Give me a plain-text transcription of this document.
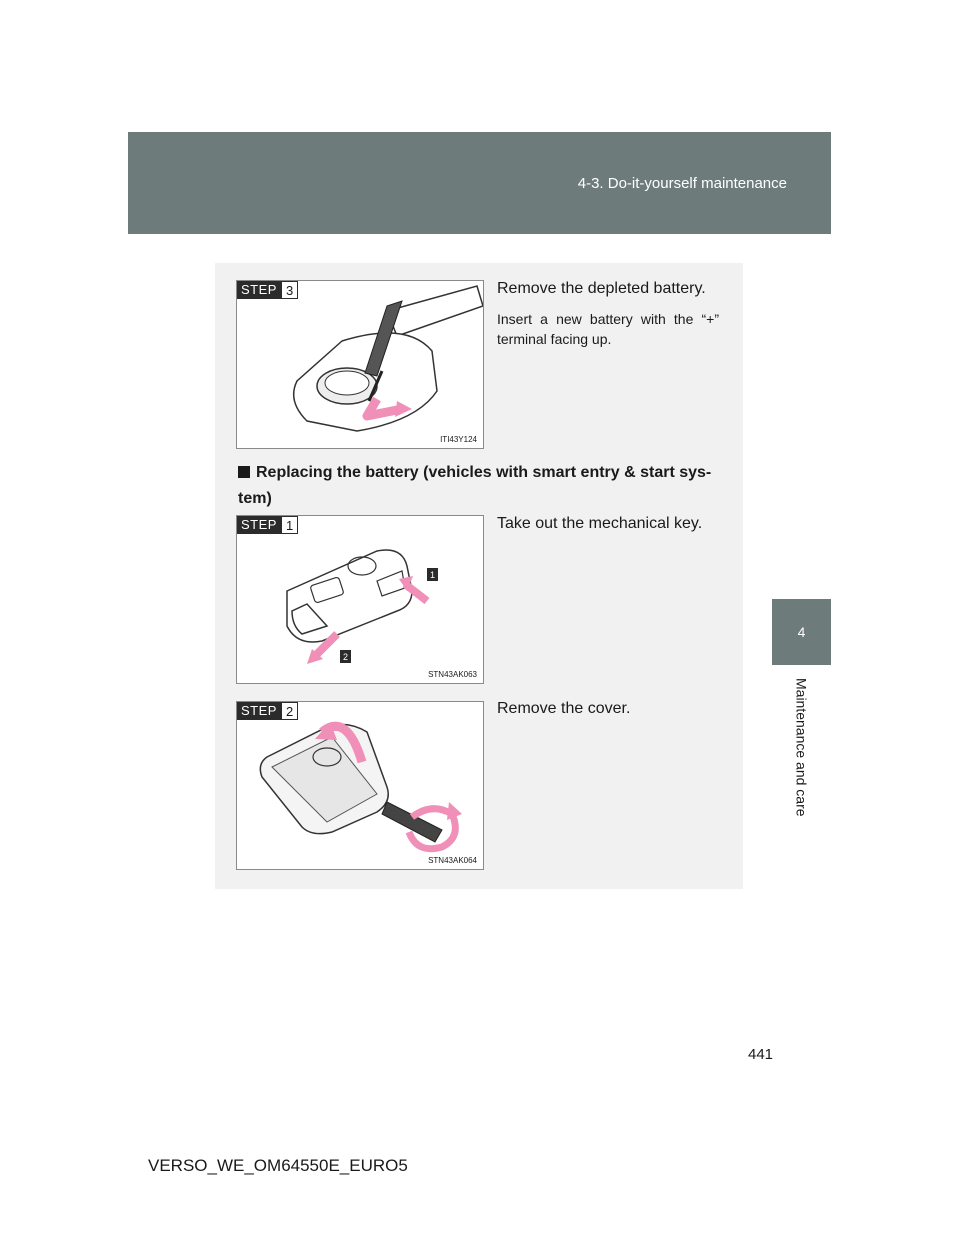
4-3. Do-it-yourself maintenance
4
Maintenance and care
STEP 3
ITI43Y124
Remove the depleted battery.
Insert a new battery with the “+” terminal facing up.
Replacing the battery (vehicles with smart entry & start sys- tem)
1
2
STEP 1
STN43AK063
Take out the mechanical key.
STEP 2
STN43AK064
Remove the cover.
441
VERSO_WE_OM64550E_EURO5
